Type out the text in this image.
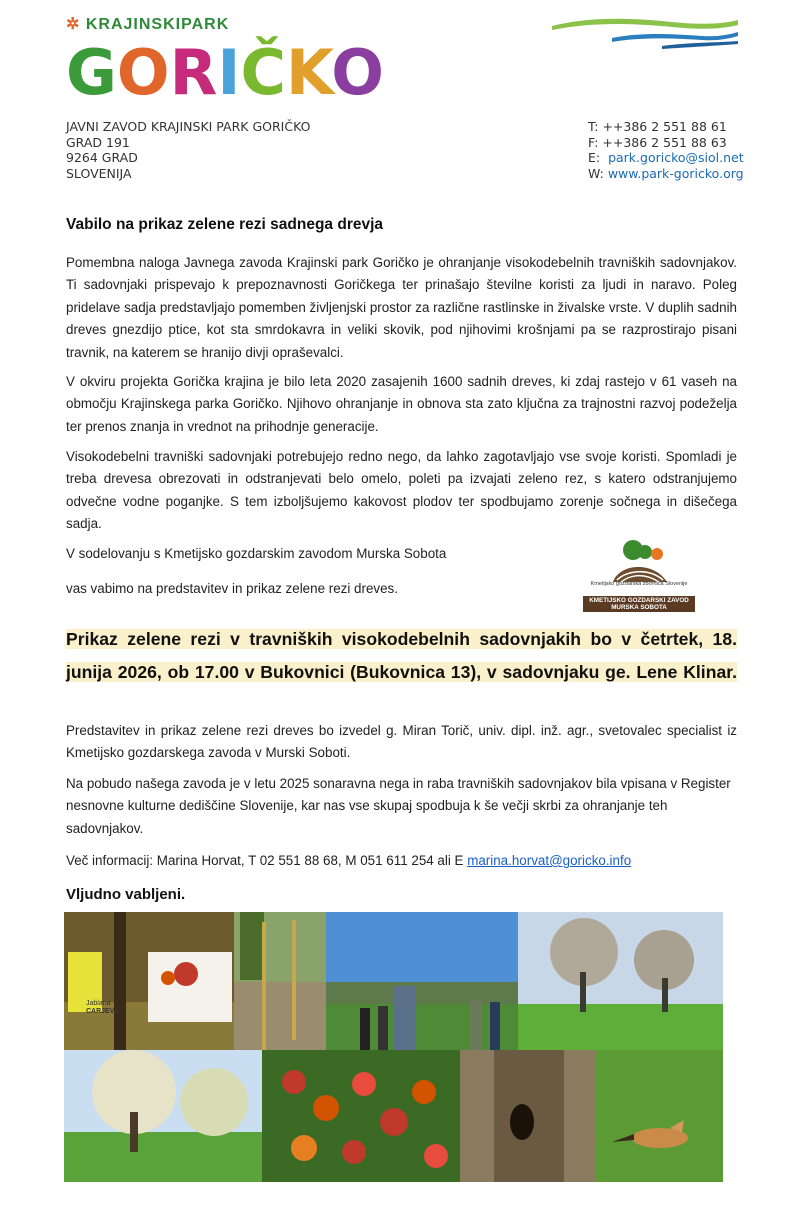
✲ KRAJINSKIPARK
GORIČKO
JAVNI ZAVOD KRAJINSKI PARK GORIČKO
GRAD 191
9264 GRAD
SLOVENIJA
T: ++386 2 551 88 61
F: ++386 2 551 88 63
E: park.goricko@siol.net
W: www.park-goricko.org
Vabilo na prikaz zelene rezi sadnega drevja
Pomembna naloga Javnega zavoda Krajinski park Goričko je ohranjanje visokodebelnih travniških sadovnjakov. Ti sadovnjaki prispevajo k prepoznavnosti Goričkega ter prinašajo številne koristi za ljudi in naravo. Poleg pridelave sadja predstavljajo pomemben življenjski prostor za različne rastlinske in živalske vrste. V duplih sadnih dreves gnezdijo ptice, kot sta smrdokavra in veliki skovik, pod njihovimi krošnjami pa se razprostirajo pisani travnik, na katerem se hranijo divji opraševalci.
V okviru projekta Goričkа krajina je bilo leta 2020 zasajenih 1600 sadnih dreves, ki zdaj rastejo v 61 vaseh na območju Krajinskega parka Goričko. Njihovo ohranjanje in obnova sta zato ključna za trajnostni razvoj podeželja ter prenos znanja in vrednot na prihodnje generacije.
Visokodebelni travniški sadovnjaki potrebujejo redno nego, da lahko zagotavljajo vse svoje koristi. Spomladi je treba drevesa obrezovati in odstranjevati belo omelo, poleti pa izvajati zeleno rez, s katero odstranjujemo odvečne vodne poganjke. S tem izboljšujemo kakovost plodov ter spodbujamo zorenje sočnega in dišečega sadja.
V sodelovanju s Kmetijsko gozdarskim zavodom Murska Sobota
vas vabimo na predstavitev in prikaz zelene rezi dreves.	Kmetijsko gozdarska zbornica Slovenije
KMETIJSKO GOZDARSKI ZAVOD
MURSKA SOBOTA
Prikaz zelene rezi v travniških visokodebelnih sadovnjakih bo v četrtek, 18.
junija 2026, ob 17.00 v Bukovnici (Bukovnica 13), v sadovnjaku ge. Lene Klinar.
Predstavitev in prikaz zelene rezi dreves bo izvedel g. Miran Torič, univ. dipl. inž. agr., svetovalec specialist iz Kmetijsko gozdarskega zavoda v Murski Soboti.
Na pobudo našega zavoda je v letu 2025 sonaravna nega in raba travniških sadovnjakov bila vpisana v Register nesnovne kulturne dediščine Slovenije, kar nas vse skupaj spodbuja k še večji skrbi za ohranjanje teh sadovnjakov.
Več informacij: Marina Horvat, T 02 551 88 68, M 051 611 254 ali E marina.horvat@goricko.info
Vljudno vabljeni.
Jablana
CARJEVIČ
